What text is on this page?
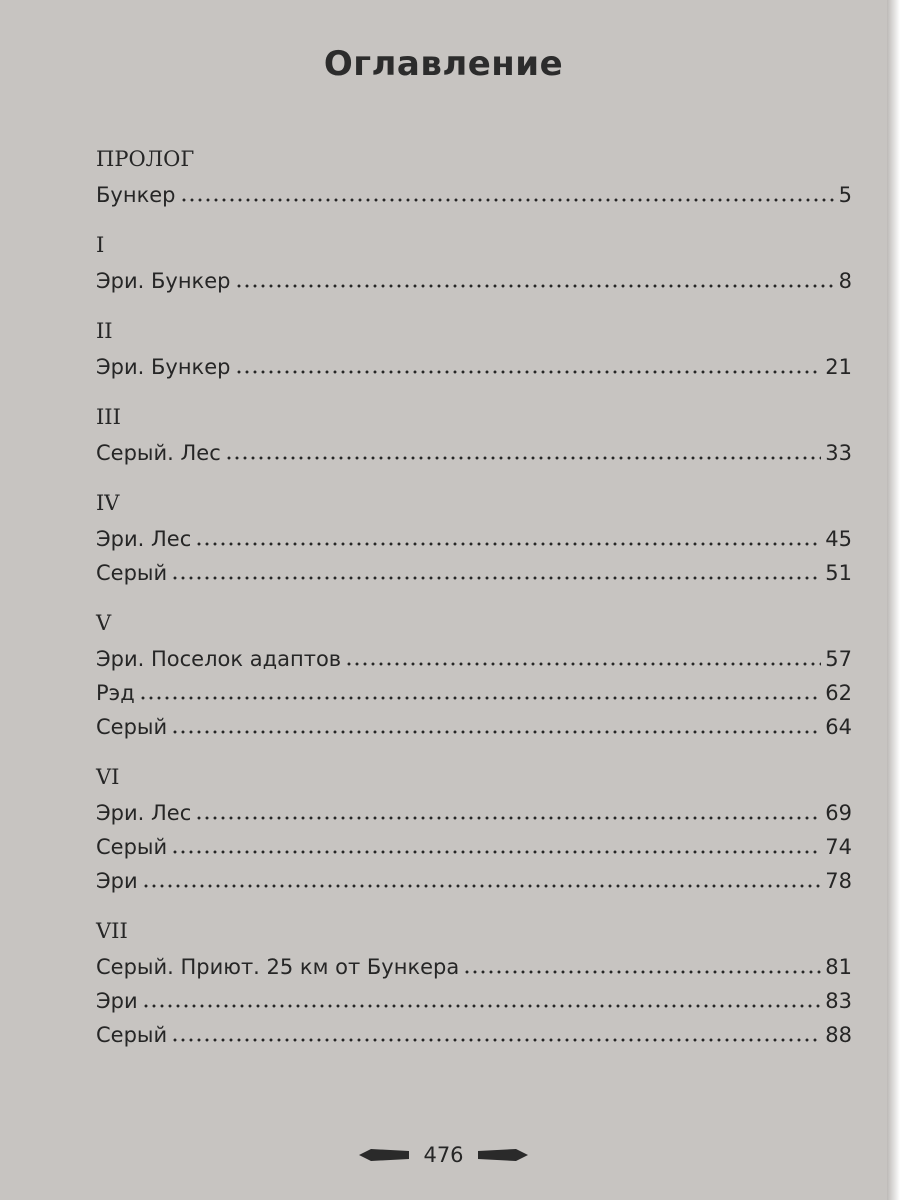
Оглавление
ПРОЛОГ
Бункер	5
I
Эри. Бункер	8
II
Эри. Бункер	21
III
Серый. Лес	33
IV
Эри. Лес	45
Серый	51
V
Эри. Поселок адаптов	57
Рэд	62
Серый	64
VI
Эри. Лес	69
Серый	74
Эри	78
VII
Серый. Приют. 25 км от Бункера	81
Эри	83
Серый	88
476
